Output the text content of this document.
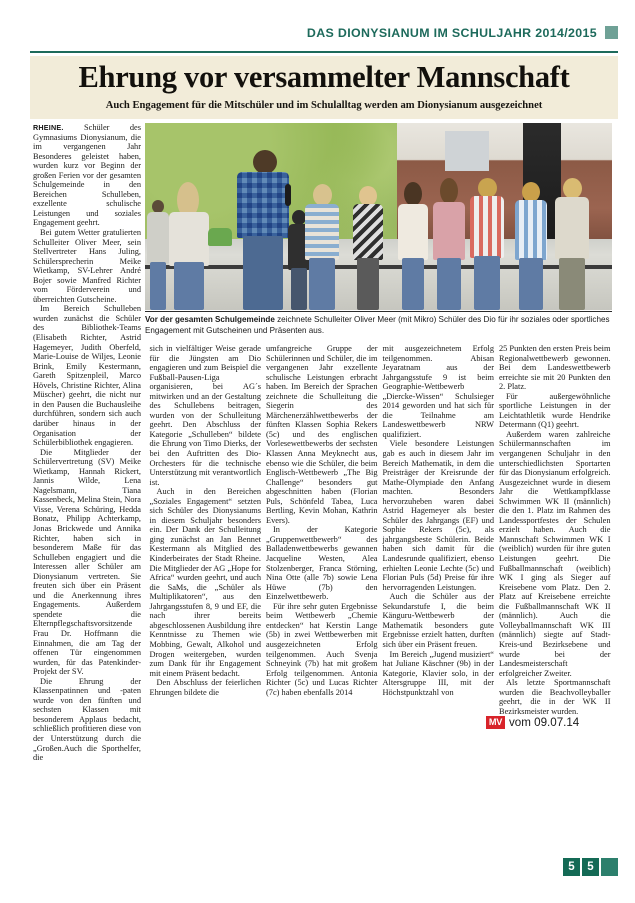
DAS DIONYSIANUM IM SCHULJAHR 2014/2015
Ehrung vor versammelter Mannschaft
Auch Engagement für die Mitschüler und im Schulalltag werden am Dionysianum ausgezeichnet
Vor der gesamten Schulgemeinde zeichnete Schulleiter Oliver Meer (mit Mikro) Schüler des Dio für ihr soziales oder sportliches Engagement mit Gutscheinen und Präsenten aus.

RHEINE. Schüler des Gymnasiums Dionysianum, die im vergangenen Jahr Besonderes geleistet haben, wurden kurz vor Beginn der großen Ferien vor der gesamten Schulgemeinde in den Bereichen Schulleben, exzellente schulische Leistungen und soziales Engagement geehrt.

Bei gutem Wetter gratulierten Schulleiter Oliver Meer, sein Stellvertreter Hans Juling, Schülersprecherin Meike Wietkamp, SV-Lehrer André Bojer sowie Manfred Richter vom Förderverein und überreichten Gutscheine.

Im Bereich Schulleben wurden zunächst die Schüler des Bibliothek-Teams (Elisabeth Richter, Astrid Hagemeyer, Judith Oberfeld, Marie-Louise de Wiljes, Leonie Brink, Emily Kestermann, Gareth Spitzenpleil, Marco Hövels, Christine Richter, Alina Müscher) geehrt, die nicht nur in den Pausen die Buchausleihe durchführen, sondern sich auch darüber hinaus in der Organisation der Schülerbibliothek engagieren.

Die Mitglieder der Schülervertretung (SV) Meike Wietkamp, Hannah Rickert, Jannis Wilde, Lena Nagelsmann, Tiana Kassenbeck, Melina Stein, Nora Visse, Verena Schüring, Hedda Bonatz, Philipp Achterkamp, Jonas Brickwede und Annika Richter, haben sich in besonderem Maße für das Schulleben engagiert und die Interessen aller Schüler am Dionysianum vertreten. Sie freuten sich über ein Präsent und die Anerkennung ihres Engagements. Außerdem spendete die Elternpflegschaftsvorsitzende Frau Dr. Hoffmann die Einnahmen, die am Tag der offenen Tür eingenommen wurden, für das Patenkinder-Projekt der SV.

Die Ehrung der Klassenpatinnen und -paten wurde von den fünften und sechsten Klassen mit besonderem Applaus bedacht, schließlich profitieren diese von der Unterstützung durch die „Großen.Auch die Sporthelfer, die

sich in vielfältiger Weise gerade für die Jüngsten am Dio engagieren und zum Beispiel die Fußball-Pausen-Liga organisieren, bei AG´s mitwirken und an der Gestaltung des Schullebens beitragen, wurden von der Schulleitung geehrt. Den Abschluss der Kategorie „Schulleben“ bildete die Ehrung von Timo Dierks, der bei den Auftritten des Dio-Orchesters für die technische Unterstützung mit verantwortlich ist.

Auch in den Bereichen „Soziales Engagement“ setzten sich Schüler des Dionysianums in diesem Schuljahr besonders ein. Der Dank der Schulleitung ging zunächst an Jan Bennet Kestermann als Mitglied des Kinderbeirates der Stadt Rheine. Die Mitglieder der AG „Hope for Africa“ wurden geehrt, und auch die SaMs, die „Schüler als Multiplikatoren“, aus den Jahrgangsstufen 8, 9 und EF, die nach ihrer bereits abgeschlossenen Ausbildung ihre Kenntnisse zu Themen wie Mobbing, Gewalt, Alkohol und Drogen weitergeben, wurden zum Dank für ihr Engagement mit einem Präsent bedacht.

Den Abschluss der feierlichen Ehrungen bildete die

umfangreiche Gruppe der Schülerinnen und Schüler, die im vergangenen Jahr exzellente schulische Leistungen erbracht haben. Im Bereich der Sprachen zeichnete die Schulleitung die Siegerin des Märchenerzählwettbewerbs der fünften Klassen Sophia Rekers (5c) und des englischen Vorlesewettbewerbs der sechsten Klassen Anna Meyknecht aus, ebenso wie die Schüler, die beim Englisch-Wettbewerb „The Big Challenge“ besonders gut abgeschnitten haben (Florian Puls, Schönfeld Tabea, Luca Bertling, Kevin Mohan, Kathrin Evers).

In der Kategorie „Gruppenwettbewerb“ des Balladenwettbewerbs gewannen Jacqueline Westen, Alea Stolzenberger, Franca Störning, Nina Otte (alle 7b) sowie Lena Hüwe (7b) den Einzelwettbewerb.

Für ihre sehr guten Ergebnisse beim Wettbewerb „Chemie entdecken“ hat Kerstin Lange (5b) in zwei Wettbewerben mit ausgezeichneten Erfolg teilgenommen. Auch Svenja Schneyink (7b) hat mit großem Erfolg teilgenommen. Antonia Richter (5c) und Lucas Richter (7c) haben ebenfalls 2014

mit ausgezeichnetem Erfolg teilgenommen. Abisan Jeyaratnam aus der Jahrgangsstufe 9 ist beim Geographie-Wettbewerb „Diercke-Wissen“ Schulsieger 2014 geworden und hat sich für die Teilnahme am Landeswettbewerb NRW qualifiziert.

Viele besondere Leistungen gab es auch in diesem Jahr im Bereich Mathematik, in dem die Preisträger der Kreisrunde der Mathe-Olympiade den Anfang machten. Besonders hervorzuheben waren dabei Astrid Hagemeyer als bester Schüler des Jahrgangs (EF) und Sophie Rekers (5c), als jahrgangsbeste Schülerin. Beide haben sich damit für die Landesrunde qualifiziert, ebenso erhielten Leonie Lechte (5c) und Florian Puls (5d) Preise für ihre hervorragenden Leistungen.

Auch die Schüler aus der Sekundarstufe I, die beim Känguru-Wettbewerb der Mathematik besonders gute Ergebnisse erzielt hatten, durften sich über ein Präsent freuen.

Im Bereich „Jugend musiziert“ hat Juliane Käschner (9b) in der Kategorie, Klavier solo, in der Altersgruppe III, mit der Höchstpunktzahl von

25 Punkten den ersten Preis beim Regionalwettbewerb gewonnen. Bei dem Landeswettbewerb erreichte sie mit 20 Punkten den 2. Platz.

Für außergewöhnliche sportliche Leistungen in der Leichtathletik wurde Hendrike Determann (Q1) geehrt.

Außerdem waren zahlreiche Schülermannschaften im vergangenen Schuljahr in den unterschiedlichsten Sportarten für das Dionysianum erfolgreich. Ausgezeichnet wurde in diesem Jahr die Wettkampfklasse Schwimmen WK II (männlich) die den 1. Platz im Rahmen des Landessportfestes der Schulen erzielt haben. Auch die Mannschaft Schwimmen WK I (weiblich) wurden für ihre guten Leistungen geehrt. Die Fußballmannschaft (weiblich) WK I ging als Sieger auf Kreisebene vom Platz. Den 2. Platz auf Kreisebene erreichte die Fußballmannschaft WK II (männlich). Auch die Volleyballmannschaft WK III (männlich) siegte auf Stadt-Kreis-und Bezirksebene und wurde bei der Landesmeisterschaft erfolgreicher Zweiter.

Als letzte Sportmannschaft wurden die Beachvolleyballer geehrt, die in der WK II Bezirksmeister wurden.

MV vom 09.07.14
5	5
